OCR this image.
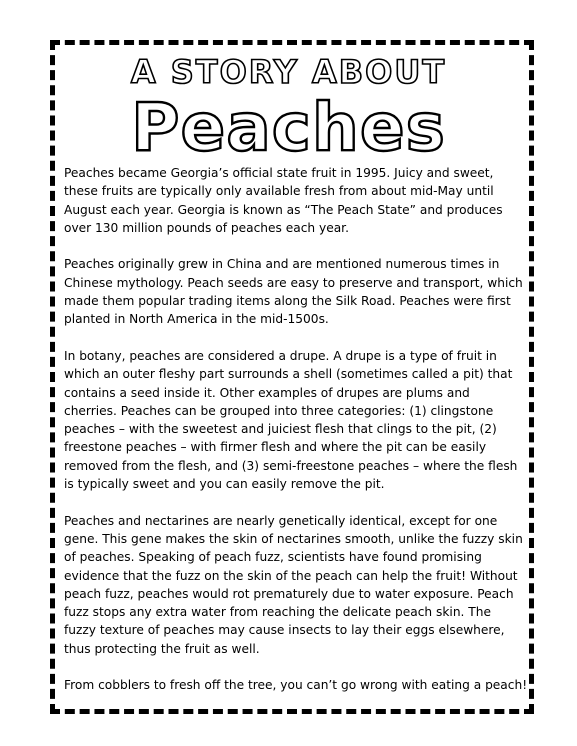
A STORY ABOUT
Peaches

Peaches became Georgia’s official state fruit in 1995. Juicy and sweet, these fruits are typically only available fresh from about mid-May until August each year. Georgia is known as “The Peach State” and produces over 130 million pounds of peaches each year.

Peaches originally grew in China and are mentioned numerous times in Chinese mythology. Peach seeds are easy to preserve and transport, which made them popular trading items along the Silk Road. Peaches were first planted in North America in the mid-1500s.

In botany, peaches are considered a drupe. A drupe is a type of fruit in which an outer fleshy part surrounds a shell (sometimes called a pit) that contains a seed inside it. Other examples of drupes are plums and cherries. Peaches can be grouped into three categories: (1) clingstone peaches – with the sweetest and juiciest flesh that clings to the pit, (2) freestone peaches – with firmer flesh and where the pit can be easily removed from the flesh, and (3) semi-freestone peaches – where the flesh is typically sweet and you can easily remove the pit.

Peaches and nectarines are nearly genetically identical, except for one gene. This gene makes the skin of nectarines smooth, unlike the fuzzy skin of peaches. Speaking of peach fuzz, scientists have found promising evidence that the fuzz on the skin of the peach can help the fruit! Without peach fuzz, peaches would rot prematurely due to water exposure. Peach fuzz stops any extra water from reaching the delicate peach skin. The fuzzy texture of peaches may cause insects to lay their eggs elsewhere, thus protecting the fruit as well.

From cobblers to fresh off the tree, you can’t go wrong with eating a peach!
